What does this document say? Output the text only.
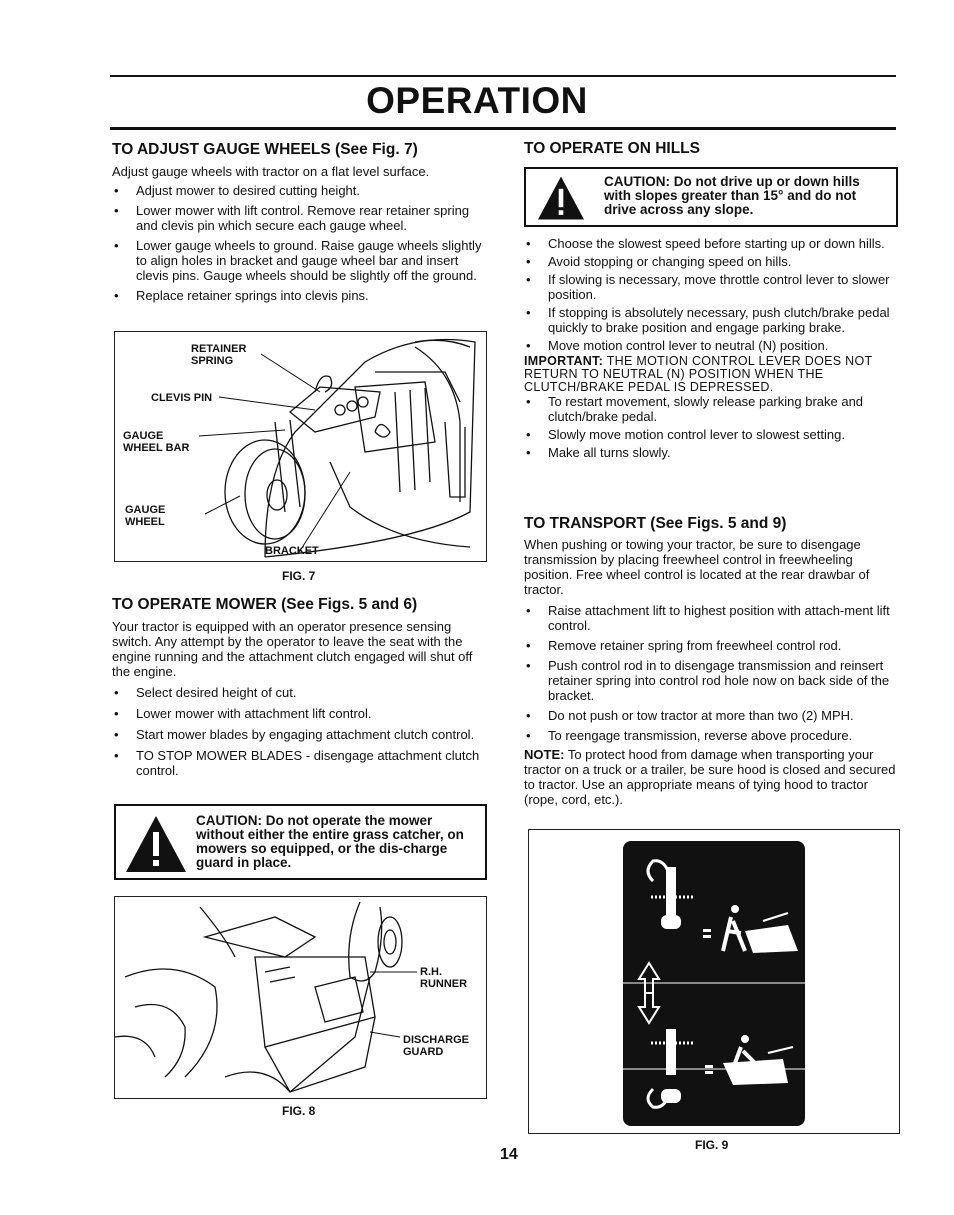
OPERATION
TO ADJUST GAUGE WHEELS (See Fig. 7)

Adjust gauge wheels with tractor on a flat level surface.

• Adjust mower to desired cutting height.
• Lower mower with lift control. Remove rear retainer spring and clevis pin which secure each gauge wheel.
• Lower gauge wheels to ground. Raise gauge wheels slightly to align holes in bracket and gauge wheel bar and insert clevis pins. Gauge wheels should be slightly off the ground.
• Replace retainer springs into clevis pins.
RETAINER
SPRING
CLEVIS PIN
GAUGE
WHEEL BAR
GAUGE
WHEEL
BRACKET
FIG. 7
TO OPERATE MOWER (See Figs. 5 and 6)

Your tractor is equipped with an operator presence sensing switch. Any attempt by the operator to leave the seat with the engine running and the attachment clutch engaged will shut off the engine.

• Select desired height of cut.
• Lower mower with attachment lift control.
• Start mower blades by engaging attachment clutch control.
• TO STOP MOWER BLADES - disengage attachment clutch control.
CAUTION: Do not operate the mower without either the entire grass catcher, on mowers so equipped, or the dis-charge guard in place.
R.H.
RUNNER
DISCHARGE
GUARD
FIG. 8
TO OPERATE ON HILLS
CAUTION: Do not drive up or down hills with slopes greater than 15° and do not drive across any slope.
• Choose the slowest speed before starting up or down hills.
• Avoid stopping or changing speed on hills.
• If slowing is necessary, move throttle control lever to slower position.
• If stopping is absolutely necessary, push clutch/brake pedal quickly to brake position and engage parking brake.
• Move motion control lever to neutral (N) position.

IMPORTANT: THE MOTION CONTROL LEVER DOES NOT RETURN TO NEUTRAL (N) POSITION WHEN THE CLUTCH/BRAKE PEDAL IS DEPRESSED.

• To restart movement, slowly release parking brake and clutch/brake pedal.
• Slowly move motion control lever to slowest setting.
• Make all turns slowly.
TO TRANSPORT (See Figs. 5 and 9)

When pushing or towing your tractor, be sure to disengage transmission by placing freewheel control in freewheeling position. Free wheel control is located at the rear drawbar of tractor.

• Raise attachment lift to highest position with attach-ment lift control.
• Remove retainer spring from freewheel control rod.
• Push control rod in to disengage transmission and reinsert retainer spring into control rod hole now on back side of the bracket.
• Do not push or tow tractor at more than two (2) MPH.
• To reengage transmission, reverse above procedure.

NOTE: To protect hood from damage when transporting your tractor on a truck or a trailer, be sure hood is closed and secured to tractor. Use an appropriate means of tying hood to tractor (rope, cord, etc.).

FIG. 9
14
